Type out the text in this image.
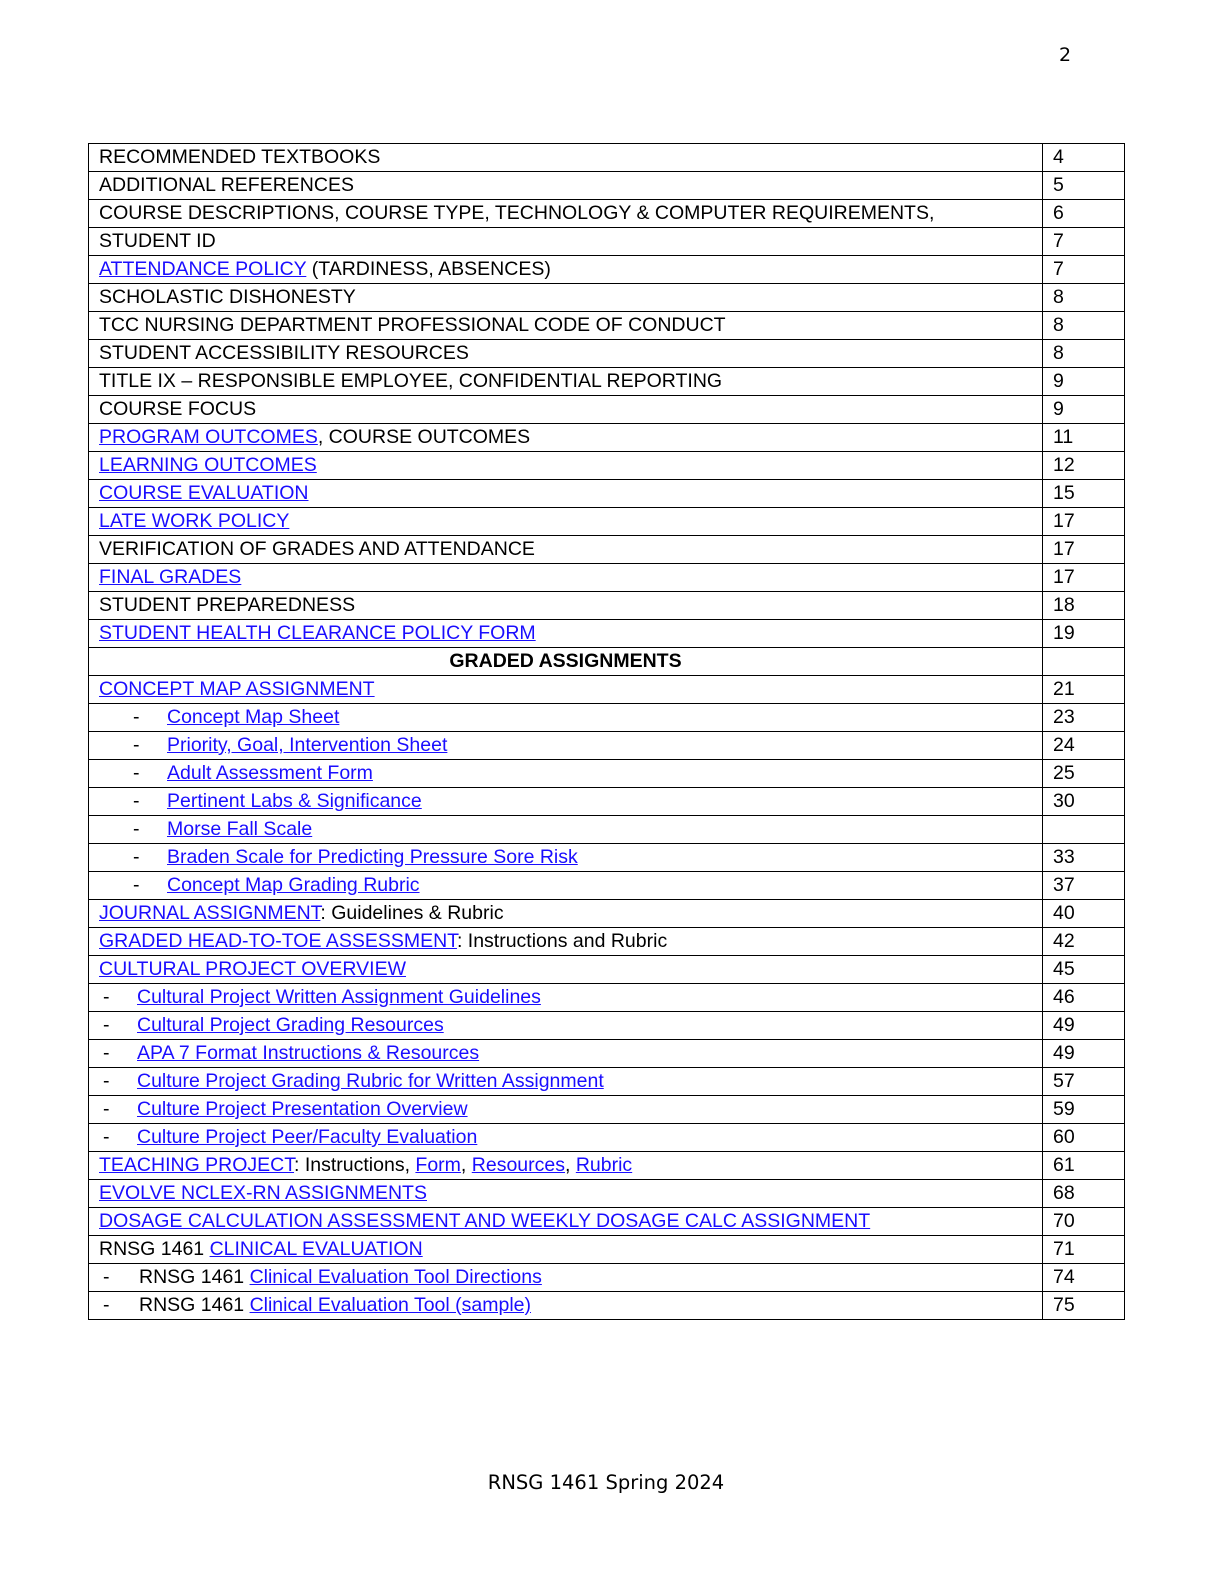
2
RECOMMENDED TEXTBOOKS	4
ADDITIONAL REFERENCES	5
COURSE DESCRIPTIONS, COURSE TYPE, TECHNOLOGY & COMPUTER REQUIREMENTS,	6
STUDENT ID	7
ATTENDANCE POLICY (TARDINESS, ABSENCES)	7
SCHOLASTIC DISHONESTY	8
TCC NURSING DEPARTMENT PROFESSIONAL CODE OF CONDUCT	8
STUDENT ACCESSIBILITY RESOURCES	8
TITLE IX – RESPONSIBLE EMPLOYEE, CONFIDENTIAL REPORTING	9
COURSE FOCUS	9
PROGRAM OUTCOMES, COURSE OUTCOMES	11
LEARNING OUTCOMES	12
COURSE EVALUATION	15
LATE WORK POLICY	17
VERIFICATION OF GRADES AND ATTENDANCE	17
FINAL GRADES	17
STUDENT PREPAREDNESS	18
STUDENT HEALTH CLEARANCE POLICY FORM	19
GRADED ASSIGNMENTS	
CONCEPT MAP ASSIGNMENT	21
- Concept Map Sheet	23
- Priority, Goal, Intervention Sheet	24
- Adult Assessment Form	25
- Pertinent Labs & Significance	30
- Morse Fall Scale	
- Braden Scale for Predicting Pressure Sore Risk	33
- Concept Map Grading Rubric	37
JOURNAL ASSIGNMENT: Guidelines & Rubric	40
GRADED HEAD-TO-TOE ASSESSMENT: Instructions and Rubric	42
CULTURAL PROJECT OVERVIEW	45
- Cultural Project Written Assignment Guidelines	46
- Cultural Project Grading Resources	49
- APA 7 Format Instructions & Resources	49
- Culture Project Grading Rubric for Written Assignment	57
- Culture Project Presentation Overview	59
- Culture Project Peer/Faculty Evaluation	60
TEACHING PROJECT: Instructions, Form, Resources, Rubric	61
EVOLVE NCLEX-RN ASSIGNMENTS	68
DOSAGE CALCULATION ASSESSMENT AND WEEKLY DOSAGE CALC ASSIGNMENT	70
RNSG 1461 CLINICAL EVALUATION	71
- RNSG 1461 Clinical Evaluation Tool Directions	74
- RNSG 1461 Clinical Evaluation Tool (sample)	75
RNSG 1461 Spring 2024
